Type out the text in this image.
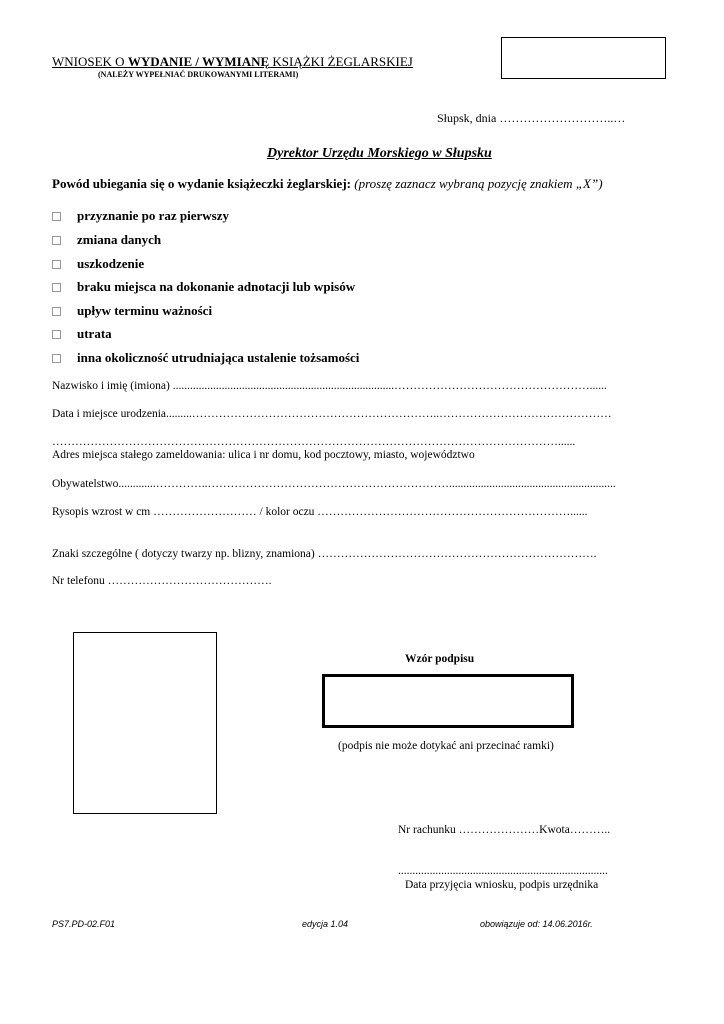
WNIOSEK O WYDANIE / WYMIANĘ KSIĄŻKI ŻEGLARSKIEJ
(NALEŻY WYPEŁNIAĆ DRUKOWANYMI LITERAMI)
Słupsk, dnia ………………………..…
Dyrektor Urzędu Morskiego w Słupsku
Powód ubiegania się o wydanie książeczki żeglarskiej: (proszę zaznacz wybraną pozycję znakiem „X”)
przyznanie po raz pierwszy
zmiana danych
uszkodzenie
braku miejsca na dokonanie adnotacji lub wpisów
upływ terminu ważności
utrata
inna okoliczność utrudniająca ustalenie tożsamości
Nazwisko i imię (imiona) .............................................................................……………………………………………......
Data i miejsce urodzenia.........………………………………………………………..………………………………………
……………………………………………………………………………………………………………………......
Adres miejsca stałego zameldowania: ulica i nr domu, kod pocztowy, miasto, województwo
Obywatelstwo.............…………..………………………………………………………..........................................................
Rysopis wzrost w cm ……………………… / kolor oczu …………………………………………………………......
Znaki szczególne ( dotyczy twarzy np. blizny, znamiona) ……………………………………………………………….
Nr telefonu …………………………………….
Wzór podpisu
(podpis nie może dotykać ani przecinać ramki)
Nr rachunku …………………Kwota………..
.........................................................................
Data przyjęcia wniosku, podpis urzędnika
PS7.PD-02.F01	edycja 1.04	obowiązuje od: 14.06.2016r.
